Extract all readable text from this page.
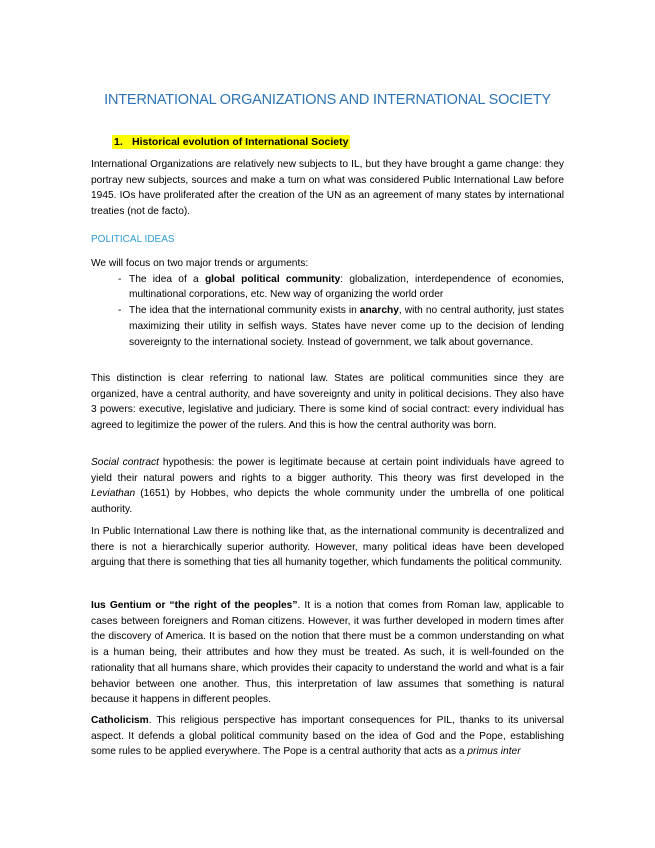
INTERNATIONAL ORGANIZATIONS AND INTERNATIONAL SOCIETY
1. Historical evolution of International Society

International Organizations are relatively new subjects to IL, but they have brought a game change: they portray new subjects, sources and make a turn on what was considered Public International Law before 1945. IOs have proliferated after the creation of the UN as an agreement of many states by international treaties (not de facto).

POLITICAL IDEAS

We will focus on two major trends or arguments:

- The idea of a global political community: globalization, interdependence of economies, multinational corporations, etc. New way of organizing the world order
- The idea that the international community exists in anarchy, with no central authority, just states maximizing their utility in selfish ways. States have never come up to the decision of lending sovereignty to the international society. Instead of government, we talk about governance.

This distinction is clear referring to national law. States are political communities since they are organized, have a central authority, and have sovereignty and unity in political decisions. They also have 3 powers: executive, legislative and judiciary. There is some kind of social contract: every individual has agreed to legitimize the power of the rulers. And this is how the central authority was born.

Social contract hypothesis: the power is legitimate because at certain point individuals have agreed to yield their natural powers and rights to a bigger authority. This theory was first developed in the Leviathan (1651) by Hobbes, who depicts the whole community under the umbrella of one political authority.

In Public International Law there is nothing like that, as the international community is decentralized and there is not a hierarchically superior authority. However, many political ideas have been developed arguing that there is something that ties all humanity together, which fundaments the political community.

Ius Gentium or “the right of the peoples”. It is a notion that comes from Roman law, applicable to cases between foreigners and Roman citizens. However, it was further developed in modern times after the discovery of America. It is based on the notion that there must be a common understanding on what is a human being, their attributes and how they must be treated. As such, it is well-founded on the rationality that all humans share, which provides their capacity to understand the world and what is a fair behavior between one another. Thus, this interpretation of law assumes that something is natural because it happens in different peoples.

Catholicism. This religious perspective has important consequences for PIL, thanks to its universal aspect. It defends a global political community based on the idea of God and the Pope, establishing some rules to be applied everywhere. The Pope is a central authority that acts as a primus inter
